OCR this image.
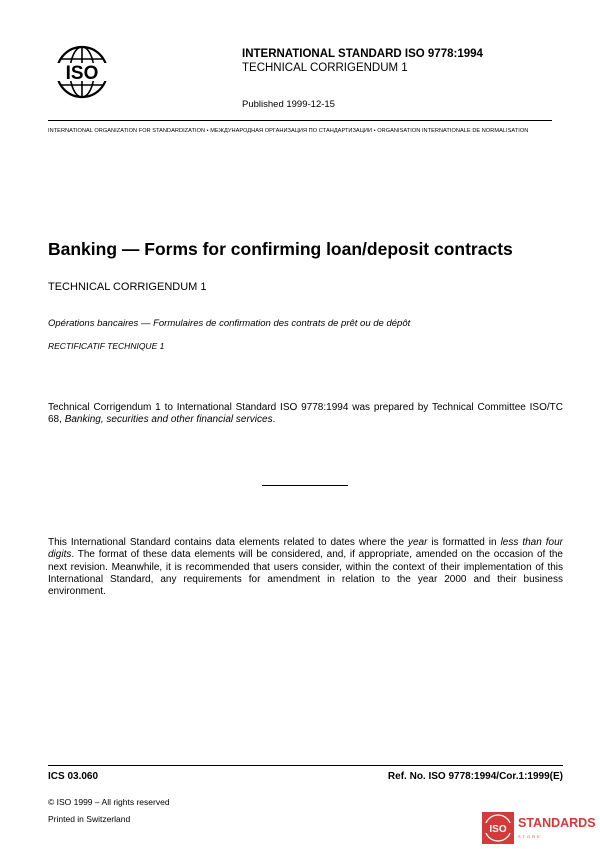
ISO
INTERNATIONAL STANDARD ISO 9778:1994
TECHNICAL CORRIGENDUM 1
Published 1999-12-15
INTERNATIONAL ORGANIZATION FOR STANDARDIZATION • МЕЖДУНАРОДНАЯ ОРГАНИЗАЦИЯ ПО СТАНДАРТИЗАЦИИ • ORGANISATION INTERNATIONALE DE NORMALISATION
Banking — Forms for confirming loan/deposit contracts
TECHNICAL CORRIGENDUM 1
Opérations bancaires — Formulaires de confirmation des contrats de prêt ou de dépôt
RECTIFICATIF TECHNIQUE 1
Technical Corrigendum 1 to International Standard ISO 9778:1994 was prepared by Technical Committee ISO/TC 68, Banking, securities and other financial services.
This International Standard contains data elements related to dates where the year is formatted in less than four digits. The format of these data elements will be considered, and, if appropriate, amended on the occasion of the next revision. Meanwhile, it is recommended that users consider, within the context of their implementation of this International Standard, any requirements for amendment in relation to the year 2000 and their business environment.
ICS 03.060	Ref. No. ISO 9778:1994/Cor.1:1999(E)
© ISO 1999 – All rights reserved
Printed in Switzerland
ISO STANDARDS
STORE
